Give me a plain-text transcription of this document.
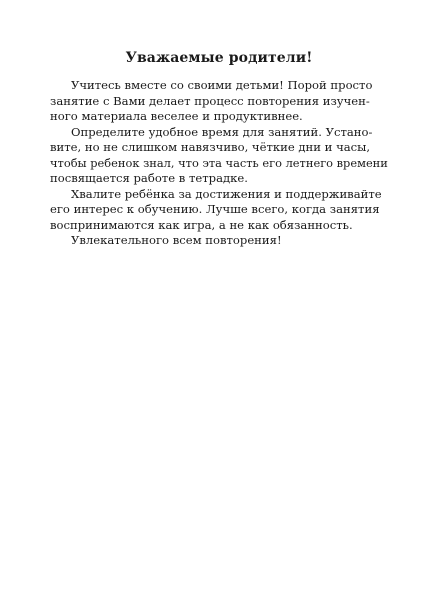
Уважаемые родители!
Учитесь вместе со своими детьми! Порой просто
занятие с Вами делает процесс повторения изучен-
ного материала веселее и продуктивнее.
Определите удобное время для занятий. Устано-
вите, но не слишком навязчиво, чёткие дни и часы,
чтобы ребенок знал, что эта часть его летнего времени
посвящается работе в тетрадке.
Хвалите ребёнка за достижения и поддерживайте
его интерес к обучению. Лучше всего, когда занятия
воспринимаются как игра, а не как обязанность.
Увлекательного всем повторения!
